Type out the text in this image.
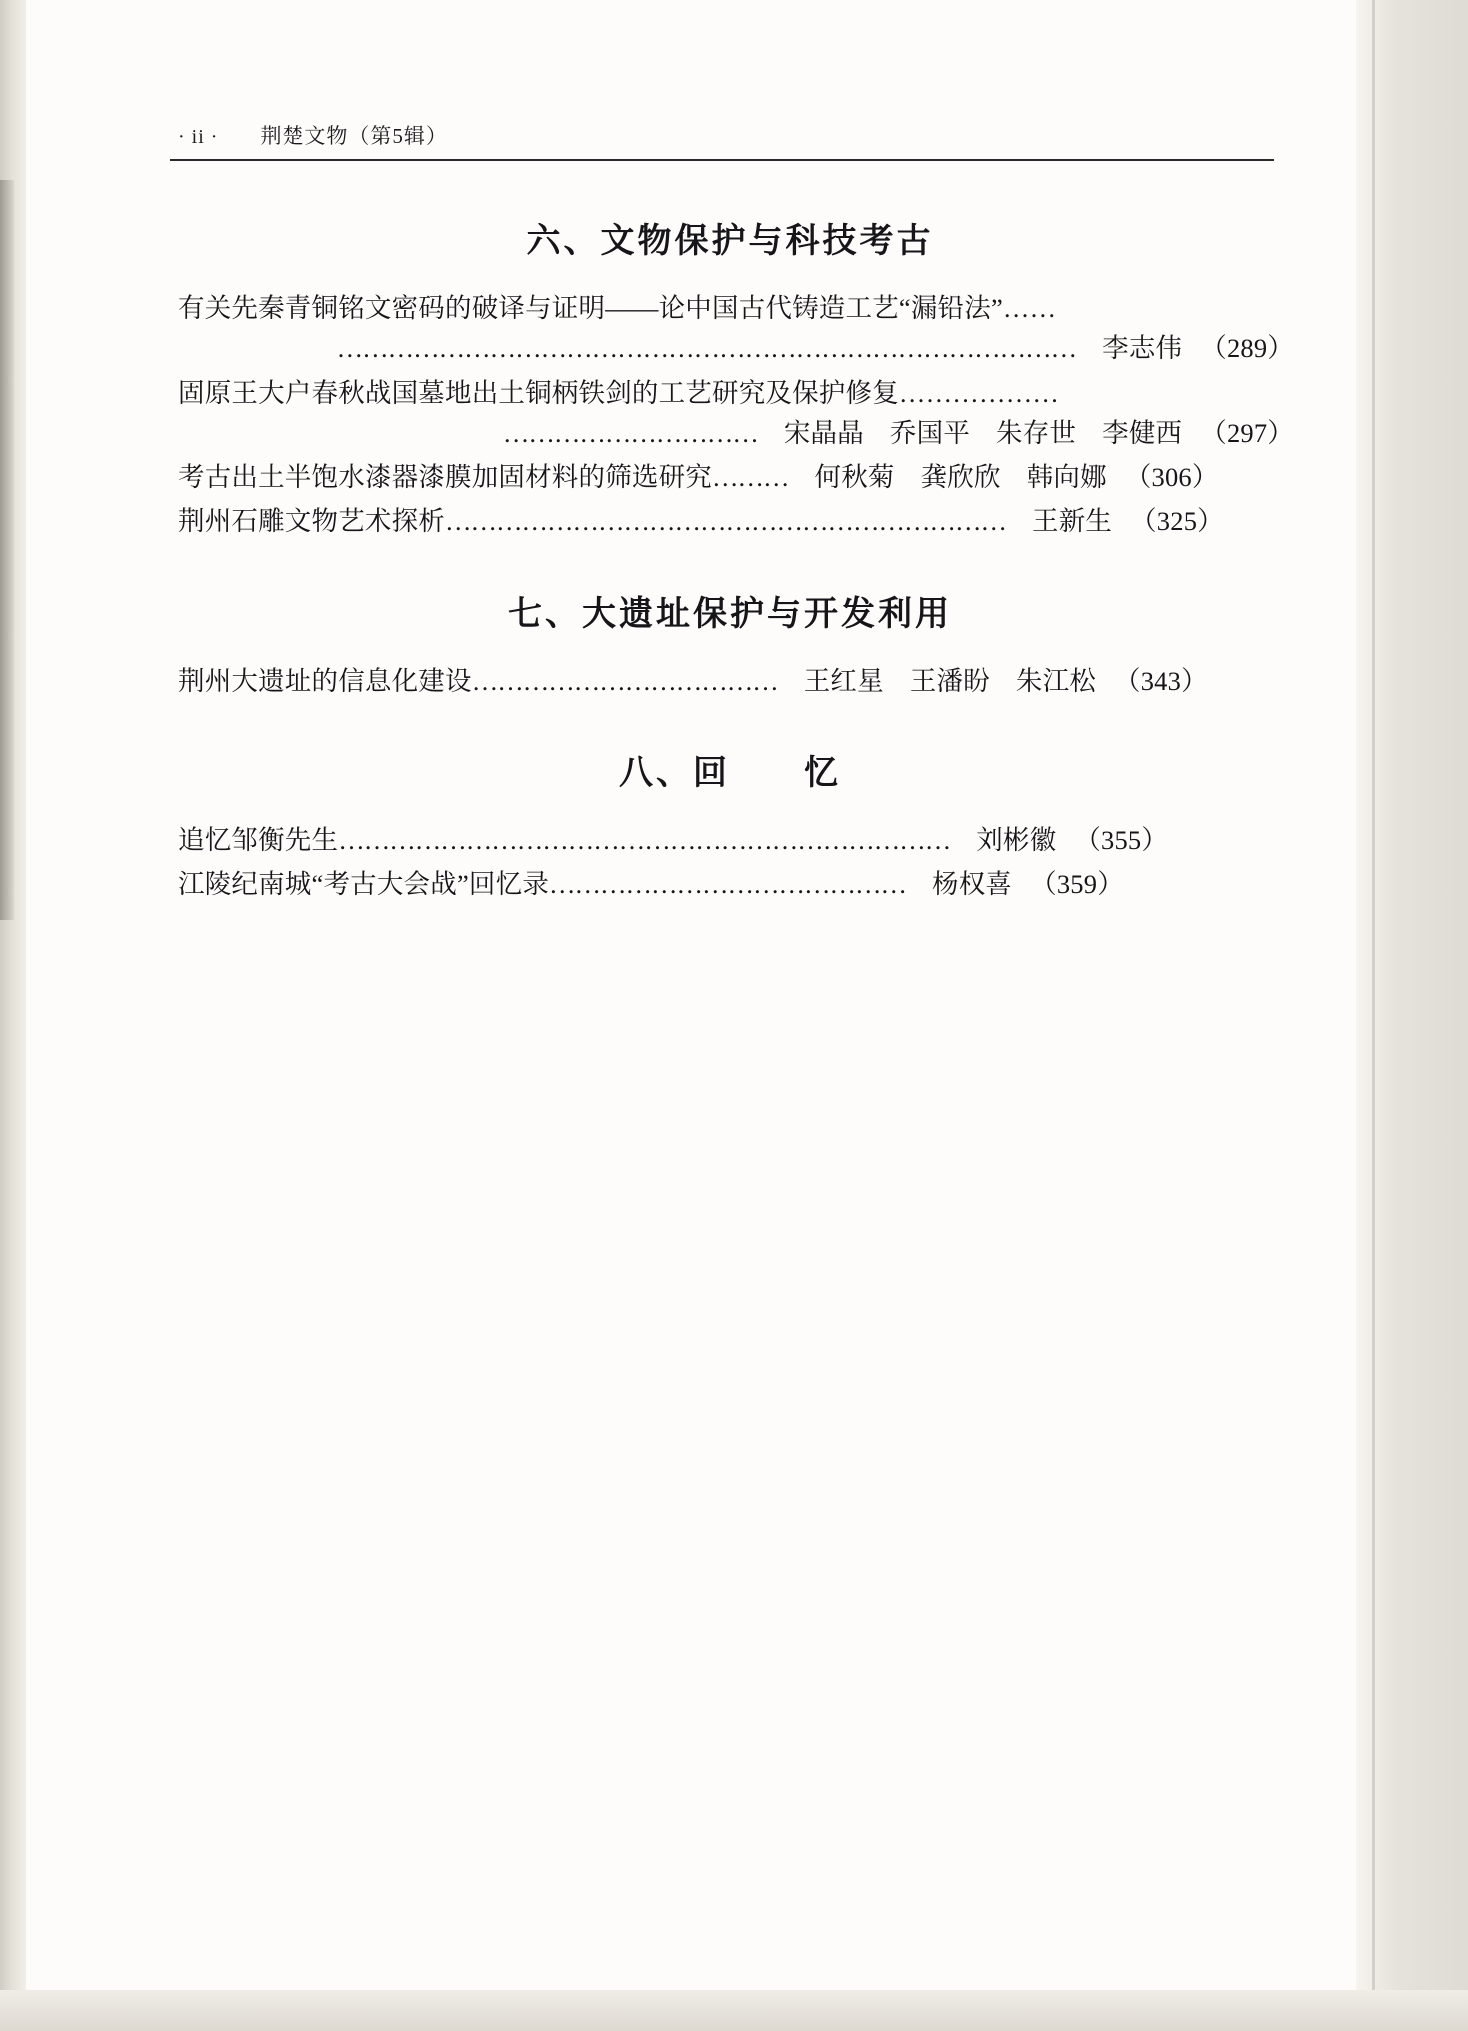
· ii · 荆楚文物（第5辑）
六、文物保护与科技考古
有关先秦青铜铭文密码的破译与证明——论中国古代铸造工艺“漏铅法”……
…………………………………………………………………………… 李志伟 （289）
固原王大户春秋战国墓地出土铜柄铁剑的工艺研究及保护修复………………
………………………… 宋晶晶 乔国平 朱存世 李健西 （297）
考古出土半饱水漆器漆膜加固材料的筛选研究……… 何秋菊 龚欣欣 韩向娜 （306）
荆州石雕文物艺术探析………………………………………………………… 王新生 （325）
七、大遗址保护与开发利用
荆州大遗址的信息化建设……………………………… 王红星 王潘盼 朱江松 （343）
八、回　　忆
追忆邹衡先生……………………………………………………………… 刘彬徽 （355）
江陵纪南城“考古大会战”回忆录…………………………………… 杨权喜 （359）
